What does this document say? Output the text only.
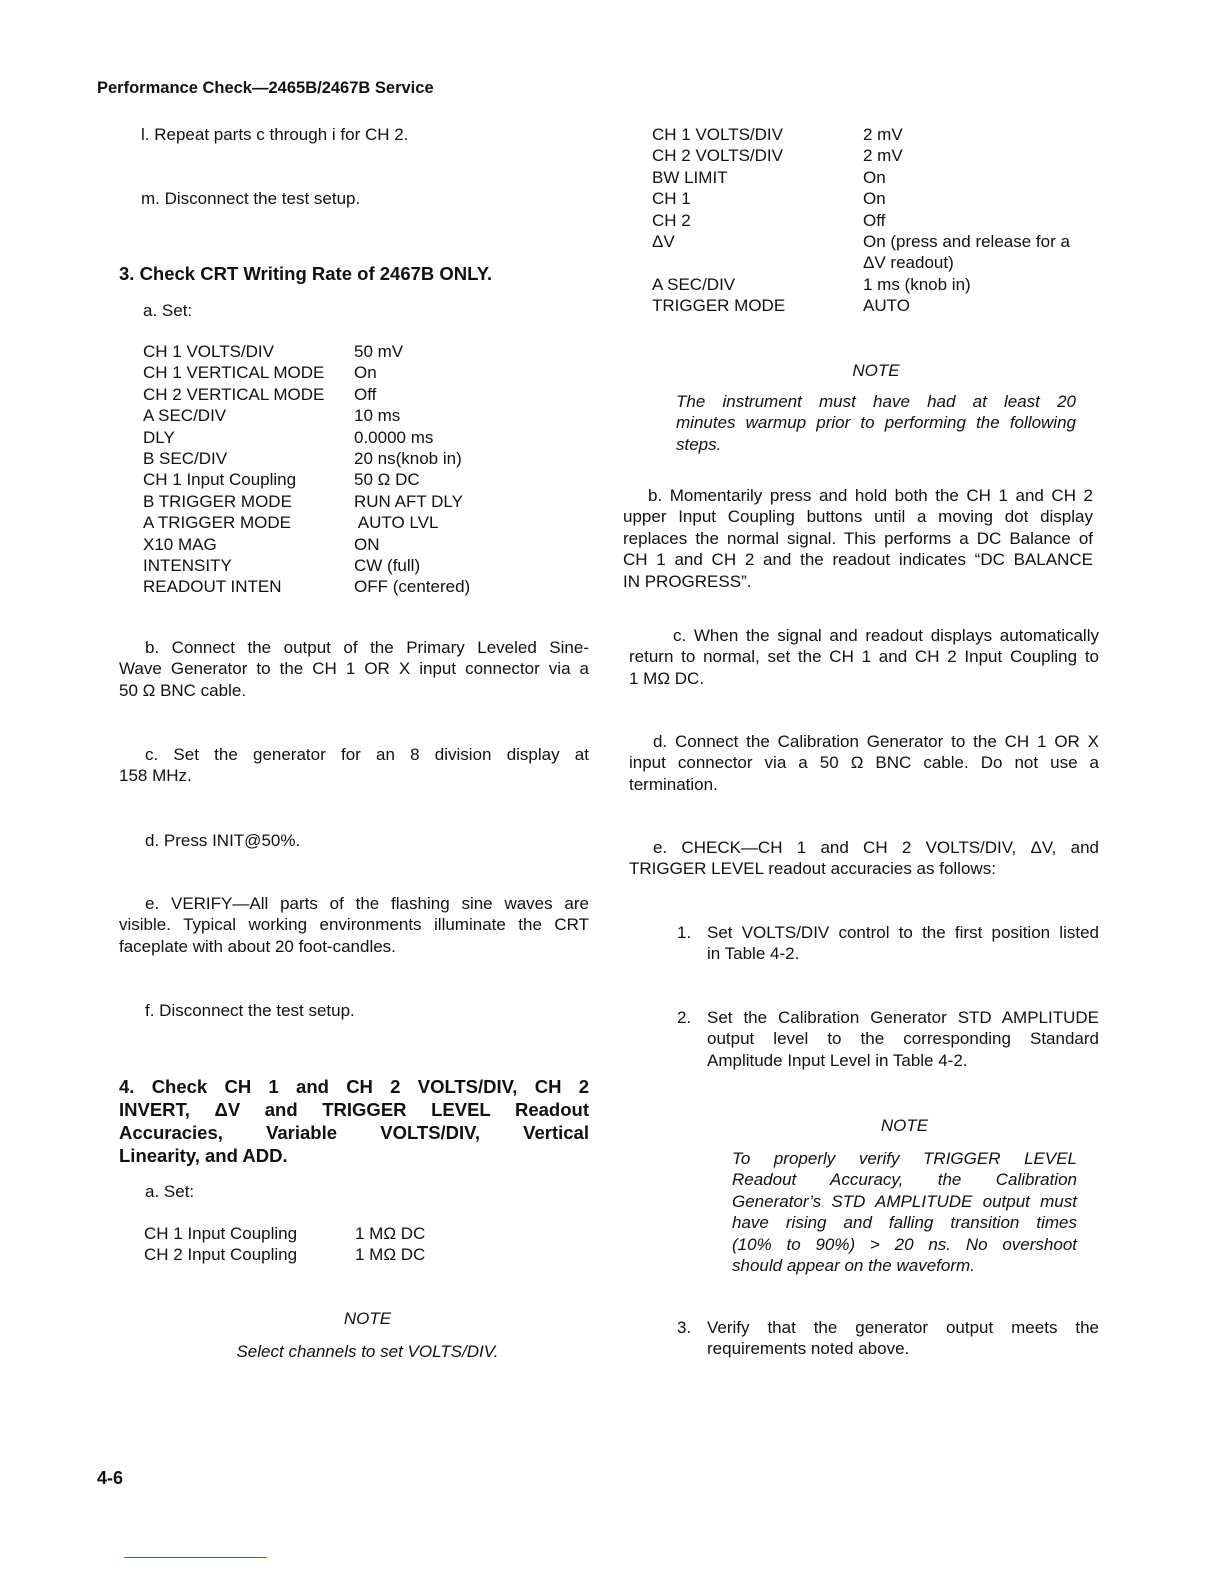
Performance Check—2465B/2467B Service
l. Repeat parts c through i for CH 2.
m. Disconnect the test setup.
3. Check CRT Writing Rate of 2467B ONLY.
a. Set:
CH 1 VOLTS/DIV	50 mV
CH 1 VERTICAL MODE	On
CH 2 VERTICAL MODE	Off
A SEC/DIV	10 ms
DLY	0.0000 ms
B SEC/DIV	20 ns(knob in)
CH 1 Input Coupling	50 Ω DC
B TRIGGER MODE	RUN AFT DLY
A TRIGGER MODE	AUTO LVL
X10 MAG	ON
INTENSITY	CW (full)
READOUT INTEN	OFF (centered)
b. Connect the output of the Primary Leveled Sine-
Wave Generator to the CH 1 OR X input connector via a
50 Ω BNC cable.
c. Set the generator for an 8 division display at
158 MHz.
d. Press INIT@50%.
e. VERIFY—All parts of the flashing sine waves are
visible. Typical working environments illuminate the CRT
faceplate with about 20 foot-candles.
f. Disconnect the test setup.
4. Check CH 1 and CH 2 VOLTS/DIV, CH 2
INVERT, ΔV and TRIGGER LEVEL Readout
Accuracies, Variable VOLTS/DIV, Vertical
Linearity, and ADD.
a. Set:
CH 1 Input Coupling	1 MΩ DC
CH 2 Input Coupling	1 MΩ DC
NOTE
Select channels to set VOLTS/DIV.
CH 1 VOLTS/DIV	2 mV
CH 2 VOLTS/DIV	2 mV
BW LIMIT	On
CH 1	On
CH 2	Off
ΔV	On (press and release for a
ΔV readout)

A SEC/DIV	1 ms (knob in)
TRIGGER MODE	AUTO
NOTE
The instrument must have had at least 20
minutes warmup prior to performing the following
steps.
b. Momentarily press and hold both the CH 1 and CH 2
upper Input Coupling buttons until a moving dot display
replaces the normal signal. This performs a DC Balance of
CH 1 and CH 2 and the readout indicates “DC BALANCE
IN PROGRESS”.
c. When the signal and readout displays automatically
return to normal, set the CH 1 and CH 2 Input Coupling to
1 MΩ DC.
d. Connect the Calibration Generator to the CH 1 OR X
input connector via a 50 Ω BNC cable. Do not use a
termination.
e. CHECK—CH 1 and CH 2 VOLTS/DIV, ΔV, and
TRIGGER LEVEL readout accuracies as follows:
1. Set VOLTS/DIV control to the first position listed
in Table 4-2.
2. Set the Calibration Generator STD AMPLITUDE
output level to the corresponding Standard
Amplitude Input Level in Table 4-2.
NOTE
To properly verify TRIGGER LEVEL
Readout Accuracy, the Calibration
Generator’s STD AMPLITUDE output must
have rising and falling transition times
(10% to 90%) > 20 ns. No overshoot
should appear on the waveform.
3. Verify that the generator output meets the
requirements noted above.
4-6
